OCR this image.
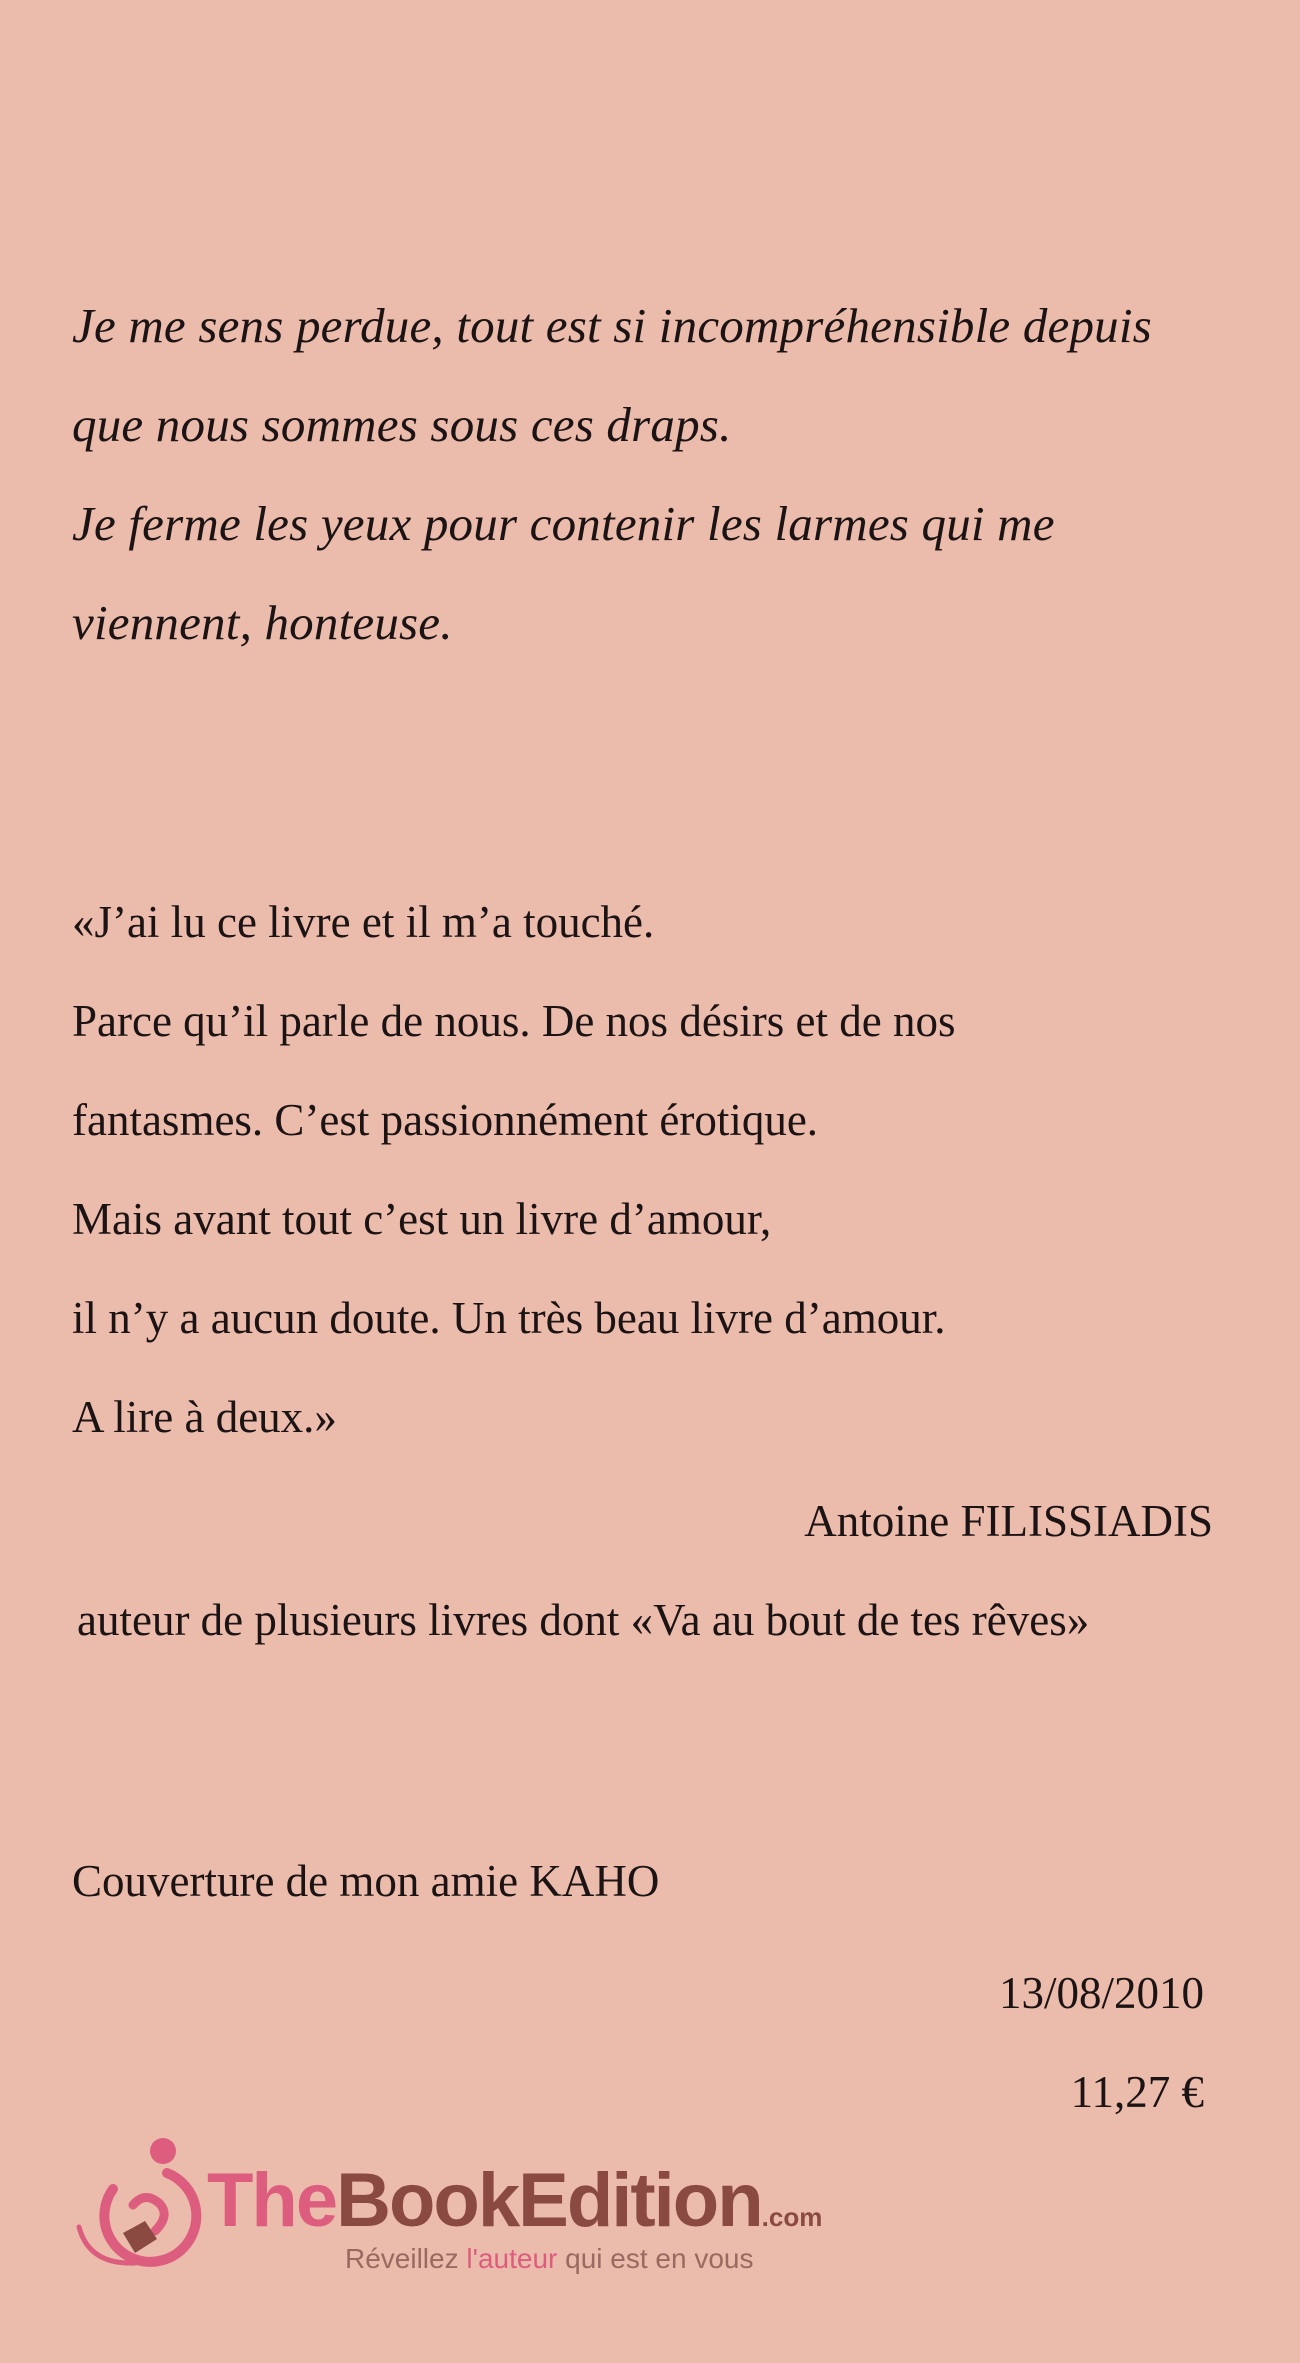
Je me sens perdue, tout est si incompréhensible depuis
que nous sommes sous ces draps.
Je ferme les yeux pour contenir les larmes qui me
viennent, honteuse.
«J’ai lu ce livre et il m’a touché.
Parce qu’il parle de nous. De nos désirs et de nos
fantasmes. C’est passionnément érotique.
Mais avant tout c’est un livre d’amour,
il n’y a aucun doute. Un très beau livre d’amour.
A lire à deux.»
Antoine FILISSIADIS
auteur de plusieurs livres dont «Va au bout de tes rêves»
Couverture de mon amie KAHO
13/08/2010
11,27 €
TheBookEdition.com
Réveillez l'auteur qui est en vous
